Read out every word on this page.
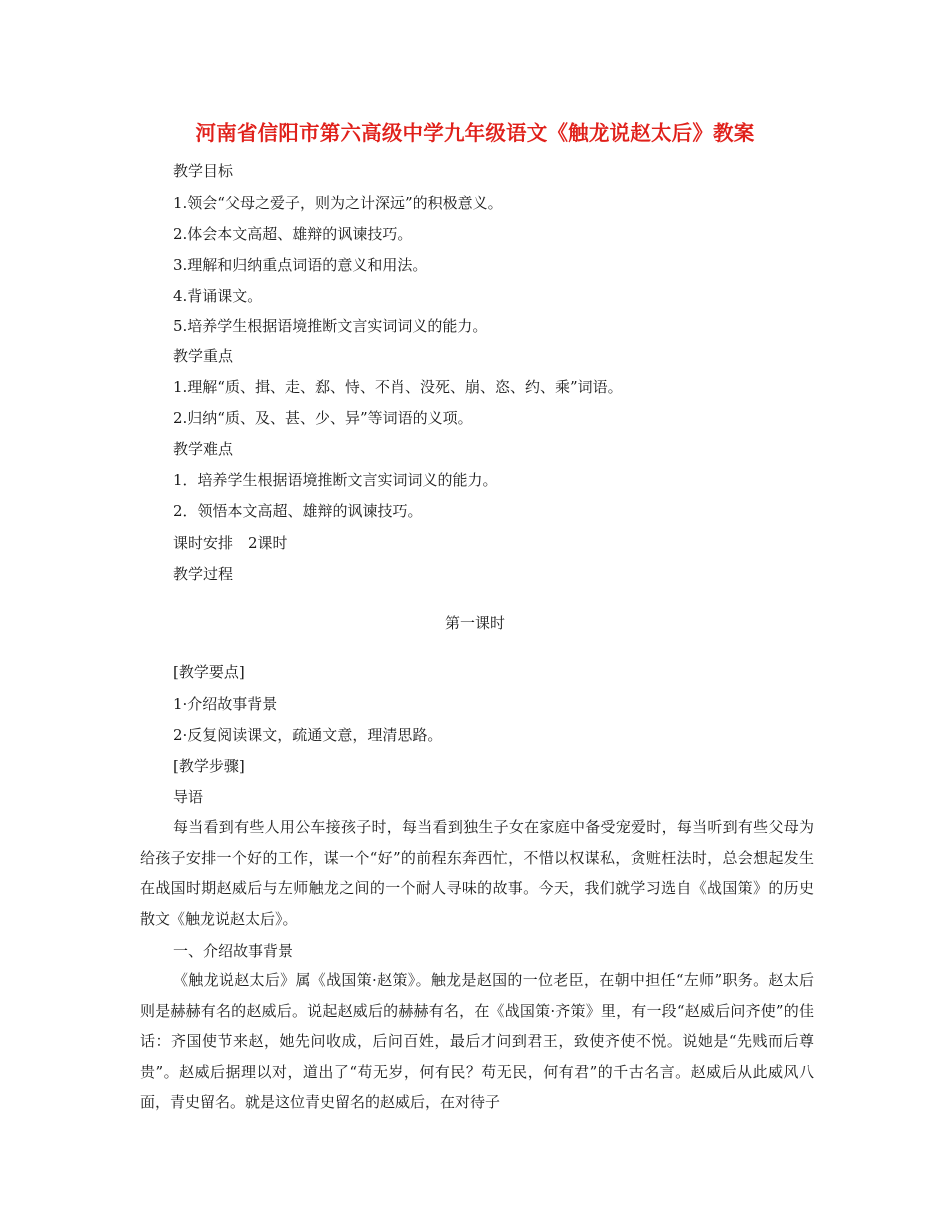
河南省信阳市第六高级中学九年级语文《触龙说赵太后》教案
教学目标
1.领会“父母之爱子，则为之计深远”的积极意义。
2.体会本文高超、雄辩的讽谏技巧。
3.理解和归纳重点词语的意义和用法。
4.背诵课文。
5.培养学生根据语境推断文言实词词义的能力。
教学重点
1.理解“质、揖、走、郄、恃、不肖、没死、崩、恣、约、乘”词语。
2.归纳“质、及、甚、少、异”等词语的义项。
教学难点
1．培养学生根据语境推断文言实词词义的能力。
2．领悟本文高超、雄辩的讽谏技巧。
课时安排　2课时
教学过程
第一课时
[教学要点]
1·介绍故事背景
2·反复阅读课文，疏通文意，理清思路。
[教学步骤]
导语

每当看到有些人用公车接孩子时，每当看到独生子女在家庭中备受宠爱时，每当听到有些父母为给孩子安排一个好的工作，谋一个“好”的前程东奔西忙，不惜以权谋私，贪赃枉法时，总会想起发生在战国时期赵威后与左师触龙之间的一个耐人寻味的故事。今天，我们就学习选自《战国策》的历史散文《触龙说赵太后》。

一、介绍故事背景

《触龙说赵太后》属《战国策·赵策》。触龙是赵国的一位老臣，在朝中担任“左师”职务。赵太后则是赫赫有名的赵威后。说起赵威后的赫赫有名，在《战国策·齐策》里，有一段“赵威后问齐使”的佳话：齐国使节来赵，她先问收成，后问百姓，最后才问到君王，致使齐使不悦。说她是“先贱而后尊贵”。赵威后据理以对，道出了“苟无岁，何有民？苟无民，何有君”的千古名言。赵威后从此威风八面，青史留名。就是这位青史留名的赵威后，在对待子
